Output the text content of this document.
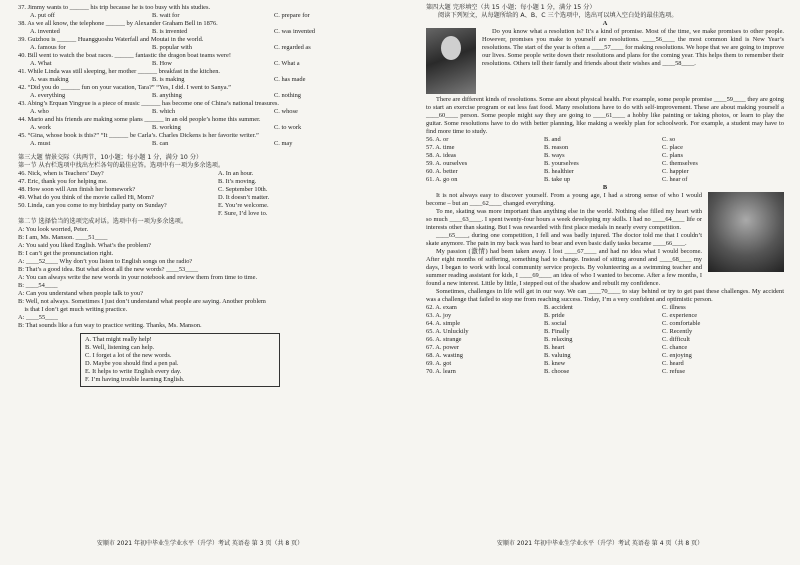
37. Jimmy wants to ______ his trip because he is too busy with his studies.
A. put off	B. wait for	C. prepare for
38. As we all know, the telephone ______ by Alexander Graham Bell in 1876.
A. invented	B. is invented	C. was invented
39. Guizhou is ______ Huangguoshu Waterfall and Moutai in the world.
A. famous for	B. popular with	C. regarded as
40. Bill went to watch the boat races. ______ fantastic the dragon boat teams were!
A. What	B. How	C. What a
41. While Linda was still sleeping, her mother ______ breakfast in the kitchen.
A. was making	B. is making	C. has made
42. “Did you do ______ fun on your vacation, Tara?” “Yes, I did. I went to Sanya.”
A. everything	B. anything	C. nothing
43. Abing’s Erquan Yingyue is a piece of music ______ has become one of China’s national treasures.
A. who	B. which	C. whose
44. Mario and his friends are making some plans ______ in an old people’s home this summer.
A. work	B. working	C. to work
45. “Gina, whose book is this?” “It ______ be Carla’s. Charles Dickens is her favorite writer.”
A. must	B. can	C. may
第三大题 情景交际（共两节，10小题；每小题 1 分，满分 10 分）
第一节 从右栏选项中找出左栏各句的最佳应答。选项中有一项为多余选项。
46. Nick, when is Teachers’ Day?	A. In an hour.
47. Eric, thank you for helping me.	B. It’s moving.
48. How soon will Ann finish her homework?	C. September 10th.
49. What do you think of the movie called Hi, Mom?	D. It doesn’t matter.
50. Linda, can you come to my birthday party on Sunday?	E. You’re welcome.
F. Sure, I’d love to.
第二节 选择恰当的选项完成对话。选项中有一项为多余选项。
A: You look worried, Peter.
B: I am, Ms. Manson. ____51____
A: You said you liked English. What’s the problem?
B: I can’t get the pronunciation right.
A: ____52____ Why don’t you listen to English songs on the radio?
B: That’s a good idea. But what about all the new words? ____53____
A: You can always write the new words in your notebook and review them from time to time.
B: ____54____
A: Can you understand when people talk to you?
B: Well, not always. Sometimes I just don’t understand what people are saying. Another problem
is that I don’t get much writing practice.
A: ____55____
B: That sounds like a fun way to practice writing. Thanks, Ms. Manson.
A. That might really help!
B. Well, listening can help.
C. I forget a lot of the new words.
D. Maybe you should find a pen pal.
E. It helps to write English every day.
F. I’m having trouble learning English.
安顺市 2021 年初中毕业生学业水平（升学）考试 英语卷 第 3 页（共 8 页）
第四大题 完形填空（共 15 小题；每小题 1 分，满分 15 分）
阅读下列短文，从每题所给的 A、B、C 三个选项中，选出可以填入空白处的最佳选项。
A
Do you know what a resolution is? It’s a kind of promise. Most of the time, we make promises to other people. However, promises you make to yourself are resolutions. ____56____ the most common kind is New Year’s resolutions. The start of the year is often a ____57____ for making resolutions. We hope that we are going to improve our lives. Some people write down their resolutions and plans for the coming year. This helps them to remember their resolutions. Others tell their family and friends about their wishes and ____58____.
There are different kinds of resolutions. Some are about physical health. For example, some people promise ____59____ they are going to start an exercise program or eat less fast food. Many resolutions have to do with self-improvement. These are about making yourself a ____60____ person. Some people might say they are going to ____61____ a hobby like painting or taking photos, or learn to play the guitar. Some resolutions have to do with better planning, like making a weekly plan for schoolwork. For example, a student may have to find more time to study.
56. A. or	B. and	C. so
57. A. time	B. reason	C. place
58. A. ideas	B. ways	C. plans
59. A. ourselves	B. yourselves	C. themselves
60. A. better	B. healthier	C. happier
61. A. go on	B. take up	C. hear of
B
It is not always easy to discover yourself. From a young age, I had a strong sense of who I would become – but an ____62____ changed everything.
To me, skating was more important than anything else in the world. Nothing else filled my heart with so much ____63____. I spent twenty-four hours a week developing my skills. I had no ____64____ life or interests other than skating. But I was rewarded with first place medals in nearly every competition.
____65____, during one competition, I fell and was badly injured. The doctor told me that I couldn’t skate anymore. The pain in my back was hard to bear and even basic daily tasks became ____66____.
My passion (激情) had been taken away. I lost ____67____ and had no idea what I would become. After eight months of suffering, something had to change. Instead of sitting around and ____68____ my days, I began to work with local community service projects. By volunteering as a swimming teacher and summer reading assistant for kids, I ____69____ an idea of who I wanted to become. After a few months, I found a new interest. Little by little, I stepped out of the shadow and rebuilt my confidence.
Sometimes, challenges in life will get in our way. We can ____70____ to stay behind or try to get past these challenges. My accident was a challenge that failed to stop me from reaching success. Today, I’m a very confident and optimistic person.
62. A. exam	B. accident	C. illness
63. A. joy	B. pride	C. experience
64. A. simple	B. social	C. comfortable
65. A. Unluckily	B. Finally	C. Recently
66. A. strange	B. relaxing	C. difficult
67. A. power	B. heart	C. chance
68. A. wasting	B. valuing	C. enjoying
69. A. got	B. knew	C. heard
70. A. learn	B. choose	C. refuse
安顺市 2021 年初中毕业生学业水平（升学）考试 英语卷 第 4 页（共 8 页）
